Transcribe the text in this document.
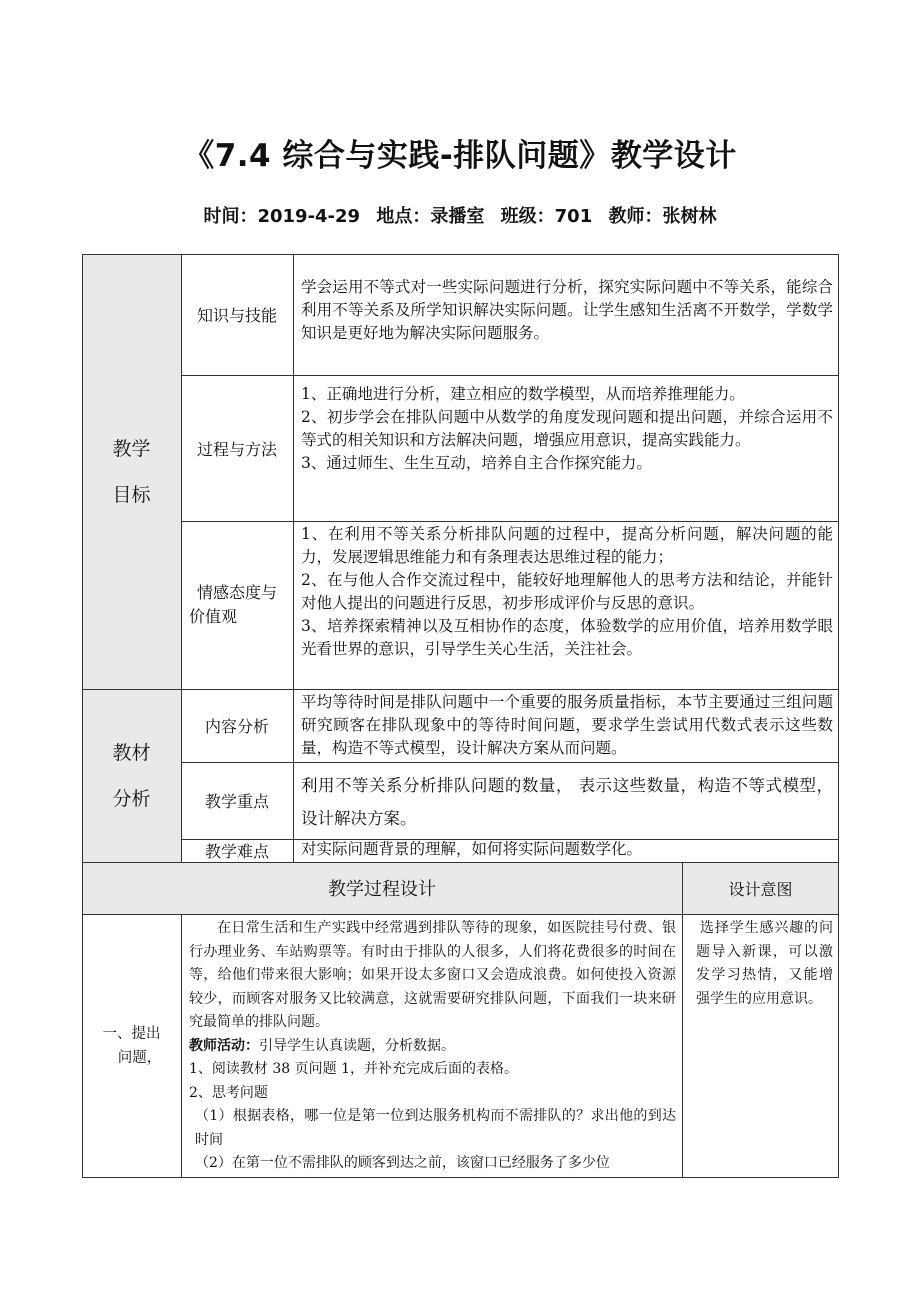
《7.4 综合与实践-排队问题》教学设计
时间：2019-4-29 地点：录播室 班级：701 教师：张树林
教学
目标
知识与技能
学会运用不等式对一些实际问题进行分析，探究实际问题中不等关系，能综合利用不等关系及所学知识解决实际问题。让学生感知生活离不开数学，学数学知识是更好地为解决实际问题服务。
过程与方法

1、正确地进行分析，建立相应的数学模型，从而培养推理能力。

2、初步学会在排队问题中从数学的角度发现问题和提出问题，并综合运用不等式的相关知识和方法解决问题，增强应用意识，提高实践能力。

3、通过师生、生生互动，培养自主合作探究能力。

情感态度与
价值观

1、在利用不等关系分析排队问题的过程中，提高分析问题，解决问题的能力，发展逻辑思维能力和有条理表达思维过程的能力；

2、在与他人合作交流过程中，能较好地理解他人的思考方法和结论，并能针对他人提出的问题进行反思，初步形成评价与反思的意识。

3、培养探索精神以及互相协作的态度，体验数学的应用价值，培养用数学眼光看世界的意识，引导学生关心生活，关注社会。

教材
分析
内容分析
平均等待时间是排队问题中一个重要的服务质量指标，本节主要通过三组问题研究顾客在排队现象中的等待时间问题，要求学生尝试用代数式表示这些数量，构造不等式模型，设计解决方案从而问题。
教学重点
利用不等关系分析排队问题的数量， 表示这些数量，构造不等式模型，设计解决方案。
教学难点	对实际问题背景的理解，如何将实际问题数学化。
教学过程设计	设计意图
一、提出
问题，

在日常生活和生产实践中经常遇到排队等待的现象，如医院挂号付费、银行办理业务、车站购票等。有时由于排队的人很多，人们将花费很多的时间在等，给他们带来很大影响；如果开设太多窗口又会造成浪费。如何使投入资源较少，而顾客对服务又比较满意，这就需要研究排队问题，下面我们一块来研究最简单的排队问题。

教师活动：引导学生认真读题，分析数据。

1、阅读教材 38 页问题 1，并补充完成后面的表格。

2、思考问题

（1）根据表格，哪一位是第一位到达服务机构而不需排队的？求出他的到达时间

（2）在第一位不需排队的顾客到达之前，该窗口已经服务了多少位

选择学生感兴趣的问题导入新课，可以激发学习热情，又能增强学生的应用意识。
